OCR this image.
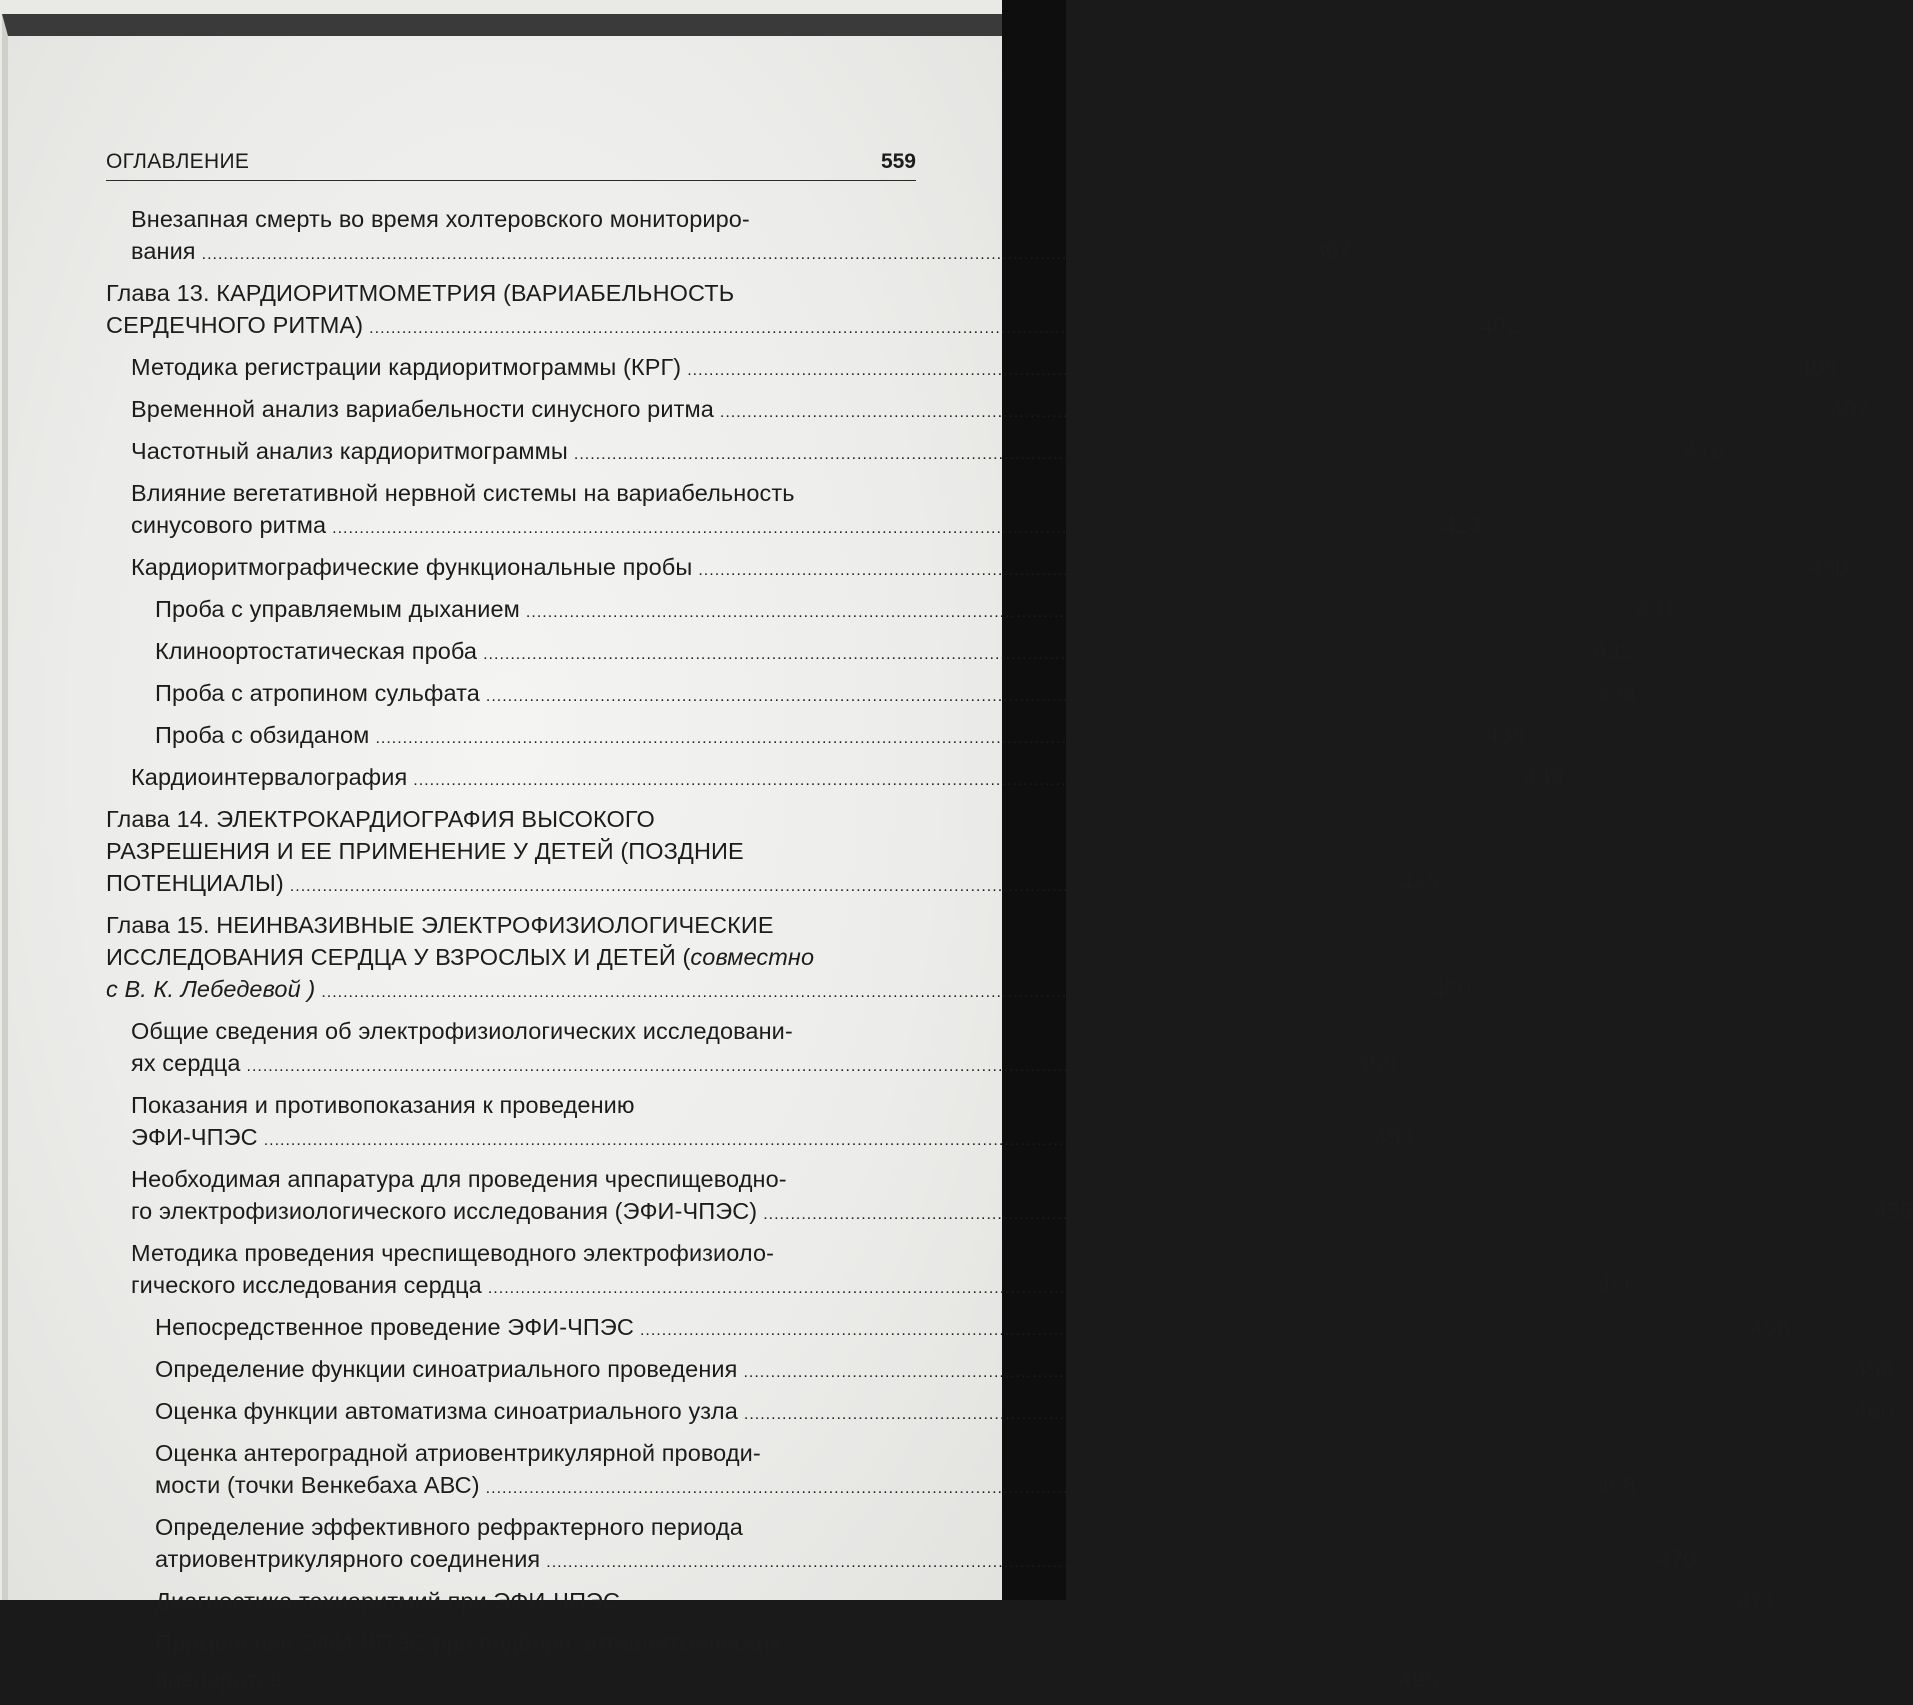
ОГЛАВЛЕНИЕ	559
Внезапная смерть во время холтеровского мониториро-
вания .....	397
Глава 13. КАРДИОРИТМОМЕТРИЯ (ВАРИАБЕЛЬНОСТЬ
СЕРДЕЧНОГО РИТМА) .....	402
Методика регистрации кардиоритмограммы (КРГ) .....	405
Временной анализ вариабельности синусного ритма .....	407
Частотный анализ кардиоритмограммы .....	418
Влияние вегетативной нервной системы на вариабельность
синусового ритма .....	424
Кардиоритмографические функциональные пробы .....	430
Проба с управляемым дыханием .....	431
Клиноортостатическая проба .....	432
Проба с атропином сульфата .....	434
Проба с обзиданом .....	435
Кардиоинтервалография .....	439
Глава 14. ЭЛЕКТРОКАРДИОГРАФИЯ ВЫСОКОГО
РАЗРЕШЕНИЯ И ЕЕ ПРИМЕНЕНИЕ У ДЕТЕЙ (ПОЗДНИЕ
ПОТЕНЦИАЛЫ) .....	445
Глава 15. НЕИНВАЗИВНЫЕ ЭЛЕКТРОФИЗИОЛОГИЧЕСКИЕ
ИССЛЕДОВАНИЯ СЕРДЦА У ВЗРОСЛЫХ И ДЕТЕЙ (совместно
с В. К. Лебедевой ) .....	450
Общие сведения об электрофизиологических исследовани-
ях сердца .....	450
Показания и противопоказания к проведению
ЭФИ-ЧПЭС .....	453
Необходимая аппаратура для проведения чреспищеводно-
го электрофизиологического исследования (ЭФИ-ЧПЭС) .....	455
Методика проведения чреспищеводного электрофизиоло-
гического исследования сердца .....	456
Непосредственное проведение ЭФИ-ЧПЭС .....	456
Определение функции синоатриального проведения .....	459
Оценка функции автоматизма синоатриального узла .....	460
Оценка антероградной атриовентрикулярной проводи-
мости (точки Венкебаха АВС) .....	468
Определение эффективного рефрактерного периода
атриовентрикулярного соединения .....	470
Диагностика тахиаритмий при ЭФИ-ЧПЭС .....	471
Применение ЭФИ-ЧПЭС при подборе антиаритмических
препаратов .....	495
